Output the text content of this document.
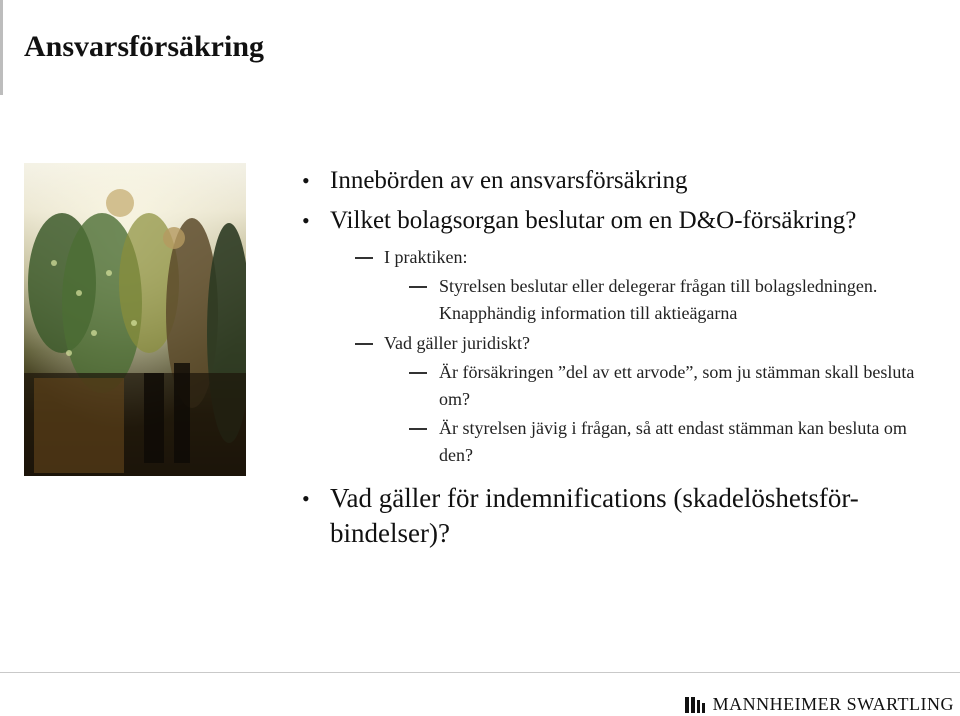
Ansvarsförsäkring
• Innebörden av en ansvarsförsäkring
• Vilket bolagsorgan beslutar om en D&O-försäkring?
I praktiken:
Styrelsen beslutar eller delegerar frågan till bolagsledningen. Knapphändig information till aktieägarna
Vad gäller juridiskt?
Är försäkringen ”del av ett arvode”, som ju stämman skall besluta om?
Är styrelsen jävig i frågan, så att endast stämman kan besluta om den?
• Vad gäller för indemnifications (skadelöshetsför-bindelser)?
MANNHEIMER SWARTLING
